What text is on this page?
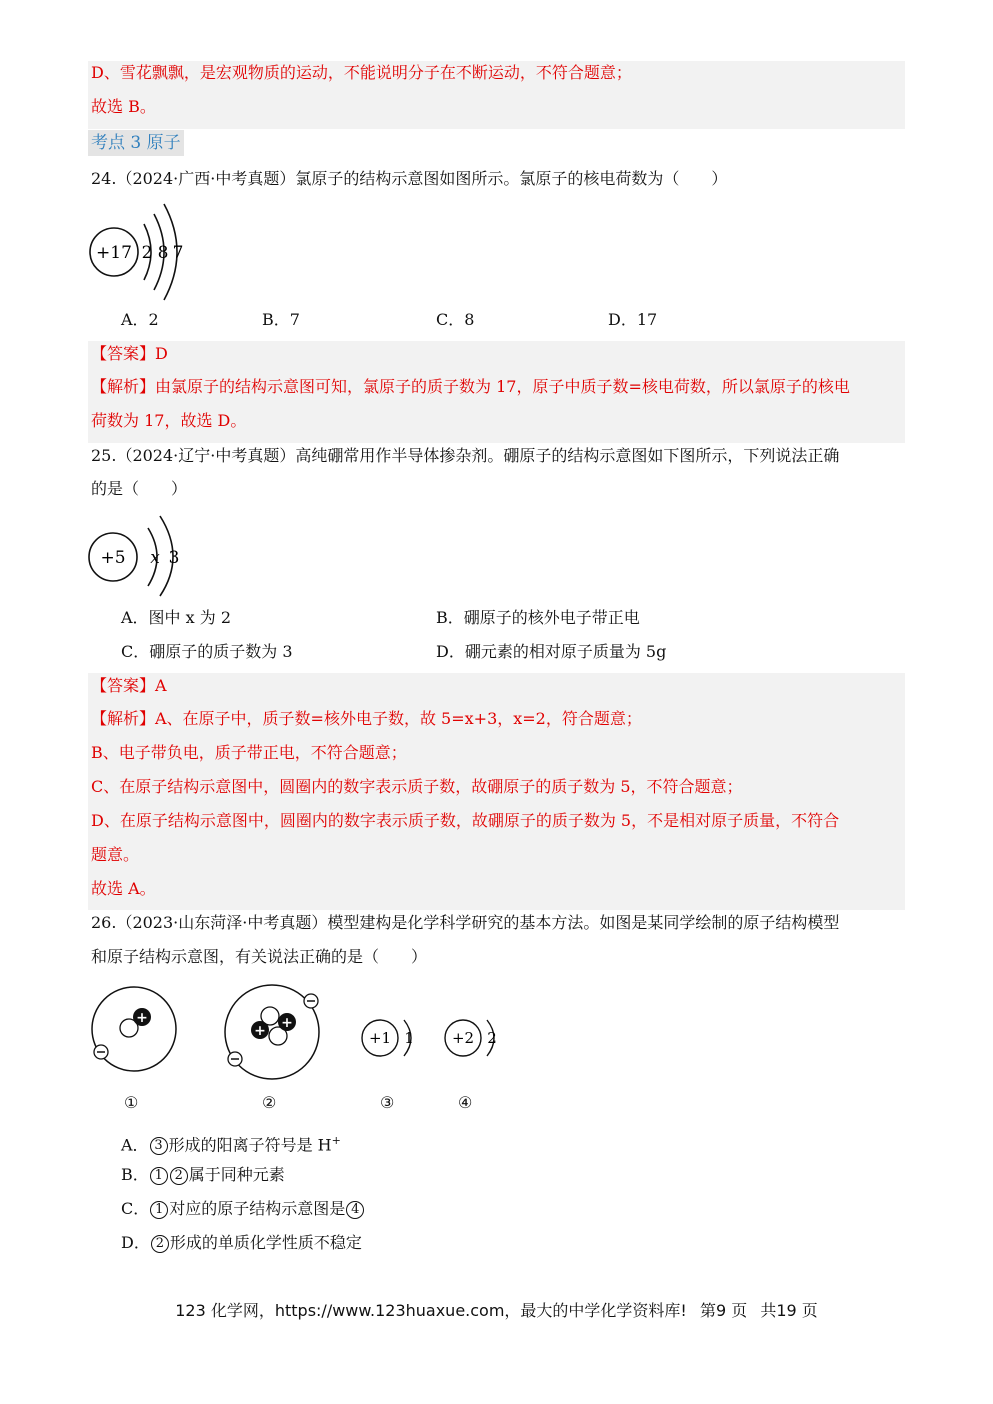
D、雪花飘飘，是宏观物质的运动，不能说明分子在不断运动，不符合题意；
故选 B。
考点 3 原子
24.（2024·广西·中考真题）氯原子的结构示意图如图所示。氯原子的核电荷数为（　　）
+17 2 8 7
A．2	B．7	C．8	D．17
【答案】D
【解析】由氯原子的结构示意图可知，氯原子的质子数为 17，原子中质子数=核电荷数，所以氯原子的核电
荷数为 17，故选 D。
25.（2024·辽宁·中考真题）高纯硼常用作半导体掺杂剂。硼原子的结构示意图如下图所示，下列说法正确
的是（　　）
+5 x 3
A．图中 x 为 2	B．硼原子的核外电子带正电
C．硼原子的质子数为 3	D．硼元素的相对原子质量为 5g
【答案】A
【解析】A、在原子中，质子数=核外电子数，故 5=x+3，x=2，符合题意；
B、电子带负电，质子带正电，不符合题意；
C、在原子结构示意图中，圆圈内的数字表示质子数，故硼原子的质子数为 5，不符合题意；
D、在原子结构示意图中，圆圈内的数字表示质子数，故硼原子的质子数为 5，不是相对原子质量，不符合
题意。
故选 A。
26.（2023·山东菏泽·中考真题）模型建构是化学科学研究的基本方法。如图是某同学绘制的原子结构模型
和原子结构示意图，有关说法正确的是（　　）
+
+ +
+1 1	+2 2
①	②	③	④
A． 3 形成的阳离子符号是 H+
B． 1 2 属于同种元素
C． 1 对应的原子结构示意图是 4
D． 2 形成的单质化学性质不稳定
123 化学网，https://www.123huaxue.com，最大的中学化学资料库! 第9 页 共19 页
